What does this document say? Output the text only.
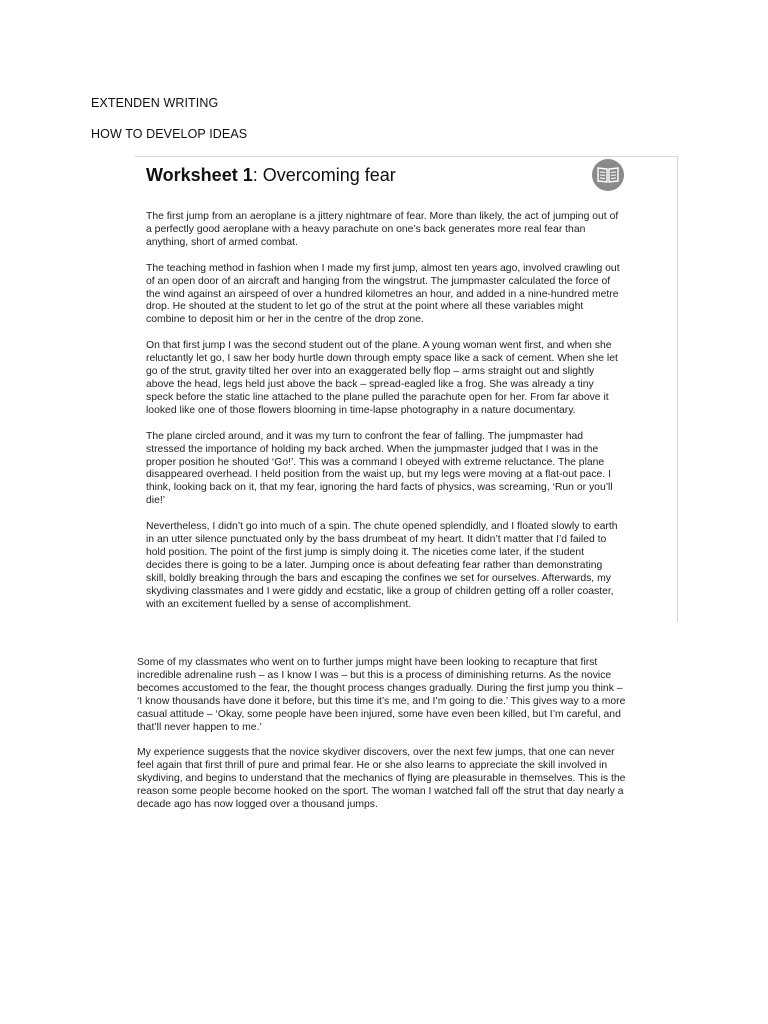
EXTENDEN WRITING
HOW TO DEVELOP IDEAS
Worksheet 1: Overcoming fear

The first jump from an aeroplane is a jittery nightmare of fear. More than likely, the act of jumping out of a perfectly good aeroplane with a heavy parachute on one’s back generates more real fear than anything, short of armed combat.

The teaching method in fashion when I made my first jump, almost ten years ago, involved crawling out of an open door of an aircraft and hanging from the wingstrut. The jumpmaster calculated the force of the wind against an airspeed of over a hundred kilometres an hour, and added in a nine-hundred metre drop. He shouted at the student to let go of the strut at the point where all these variables might combine to deposit him or her in the centre of the drop zone.

On that first jump I was the second student out of the plane. A young woman went first, and when she reluctantly let go, I saw her body hurtle down through empty space like a sack of cement. When she let go of the strut, gravity tilted her over into an exaggerated belly flop – arms straight out and slightly above the head, legs held just above the back – spread-eagled like a frog. She was already a tiny speck before the static line attached to the plane pulled the parachute open for her. From far above it looked like one of those flowers blooming in time-lapse photography in a nature documentary.

The plane circled around, and it was my turn to confront the fear of falling. The jumpmaster had stressed the importance of holding my back arched. When the jumpmaster judged that I was in the proper position he shouted ‘Go!’. This was a command I obeyed with extreme reluctance. The plane disappeared overhead. I held position from the waist up, but my legs were moving at a flat-out pace. I think, looking back on it, that my fear, ignoring the hard facts of physics, was screaming, ‘Run or you’ll die!’

Nevertheless, I didn’t go into much of a spin. The chute opened splendidly, and I floated slowly to earth in an utter silence punctuated only by the bass drumbeat of my heart. It didn’t matter that I’d failed to hold position. The point of the first jump is simply doing it. The niceties come later, if the student decides there is going to be a later. Jumping once is about defeating fear rather than demonstrating skill, boldly breaking through the bars and escaping the confines we set for ourselves. Afterwards, my skydiving classmates and I were giddy and ecstatic, like a group of children getting off a roller coaster, with an excitement fuelled by a sense of accomplishment.

Some of my classmates who went on to further jumps might have been looking to recapture that first incredible adrenaline rush – as I know I was – but this is a process of diminishing returns. As the novice becomes accustomed to the fear, the thought process changes gradually. During the first jump you think – ‘I know thousands have done it before, but this time it’s me, and I’m going to die.’ This gives way to a more casual attitude – ‘Okay, some people have been injured, some have even been killed, but I’m careful, and that’ll never happen to me.’

My experience suggests that the novice skydiver discovers, over the next few jumps, that one can never feel again that first thrill of pure and primal fear. He or she also learns to appreciate the skill involved in skydiving, and begins to understand that the mechanics of flying are pleasurable in themselves. This is the reason some people become hooked on the sport. The woman I watched fall off the strut that day nearly a decade ago has now logged over a thousand jumps.
